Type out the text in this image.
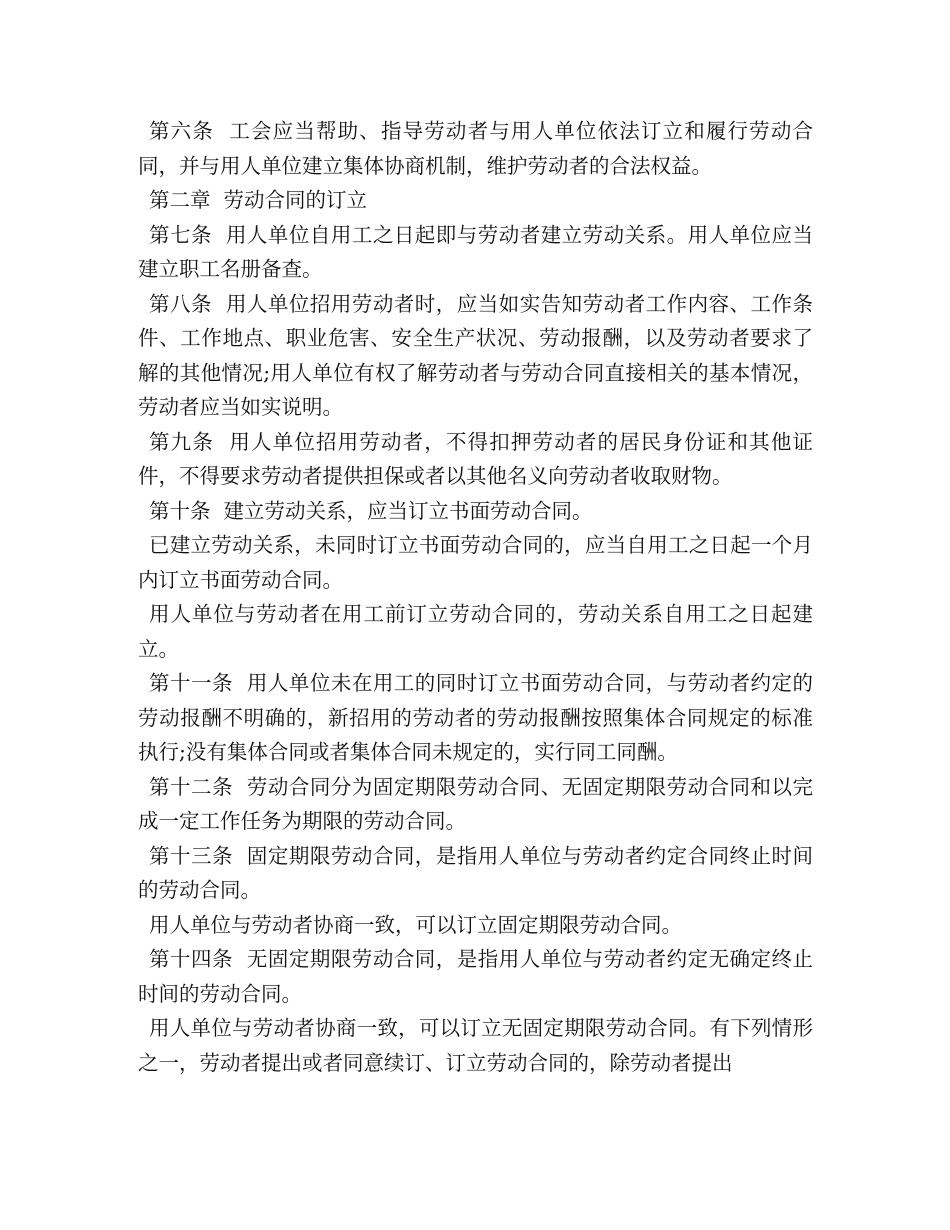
第六条  工会应当帮助、指导劳动者与用人单位依法订立和履行劳动合同，并与用人单位建立集体协商机制，维护劳动者的合法权益。

第二章  劳动合同的订立

第七条  用人单位自用工之日起即与劳动者建立劳动关系。用人单位应当建立职工名册备查。

第八条  用人单位招用劳动者时，应当如实告知劳动者工作内容、工作条件、工作地点、职业危害、安全生产状况、劳动报酬，以及劳动者要求了解的其他情况;用人单位有权了解劳动者与劳动合同直接相关的基本情况，劳动者应当如实说明。

第九条  用人单位招用劳动者，不得扣押劳动者的居民身份证和其他证件，不得要求劳动者提供担保或者以其他名义向劳动者收取财物。

第十条  建立劳动关系，应当订立书面劳动合同。

已建立劳动关系，未同时订立书面劳动合同的，应当自用工之日起一个月内订立书面劳动合同。

用人单位与劳动者在用工前订立劳动合同的，劳动关系自用工之日起建立。

第十一条  用人单位未在用工的同时订立书面劳动合同，与劳动者约定的劳动报酬不明确的，新招用的劳动者的劳动报酬按照集体合同规定的标准执行;没有集体合同或者集体合同未规定的，实行同工同酬。

第十二条  劳动合同分为固定期限劳动合同、无固定期限劳动合同和以完成一定工作任务为期限的劳动合同。

第十三条  固定期限劳动合同，是指用人单位与劳动者约定合同终止时间的劳动合同。

用人单位与劳动者协商一致，可以订立固定期限劳动合同。

第十四条  无固定期限劳动合同，是指用人单位与劳动者约定无确定终止时间的劳动合同。

用人单位与劳动者协商一致，可以订立无固定期限劳动合同。有下列情形之一，劳动者提出或者同意续订、订立劳动合同的，除劳动者提出
